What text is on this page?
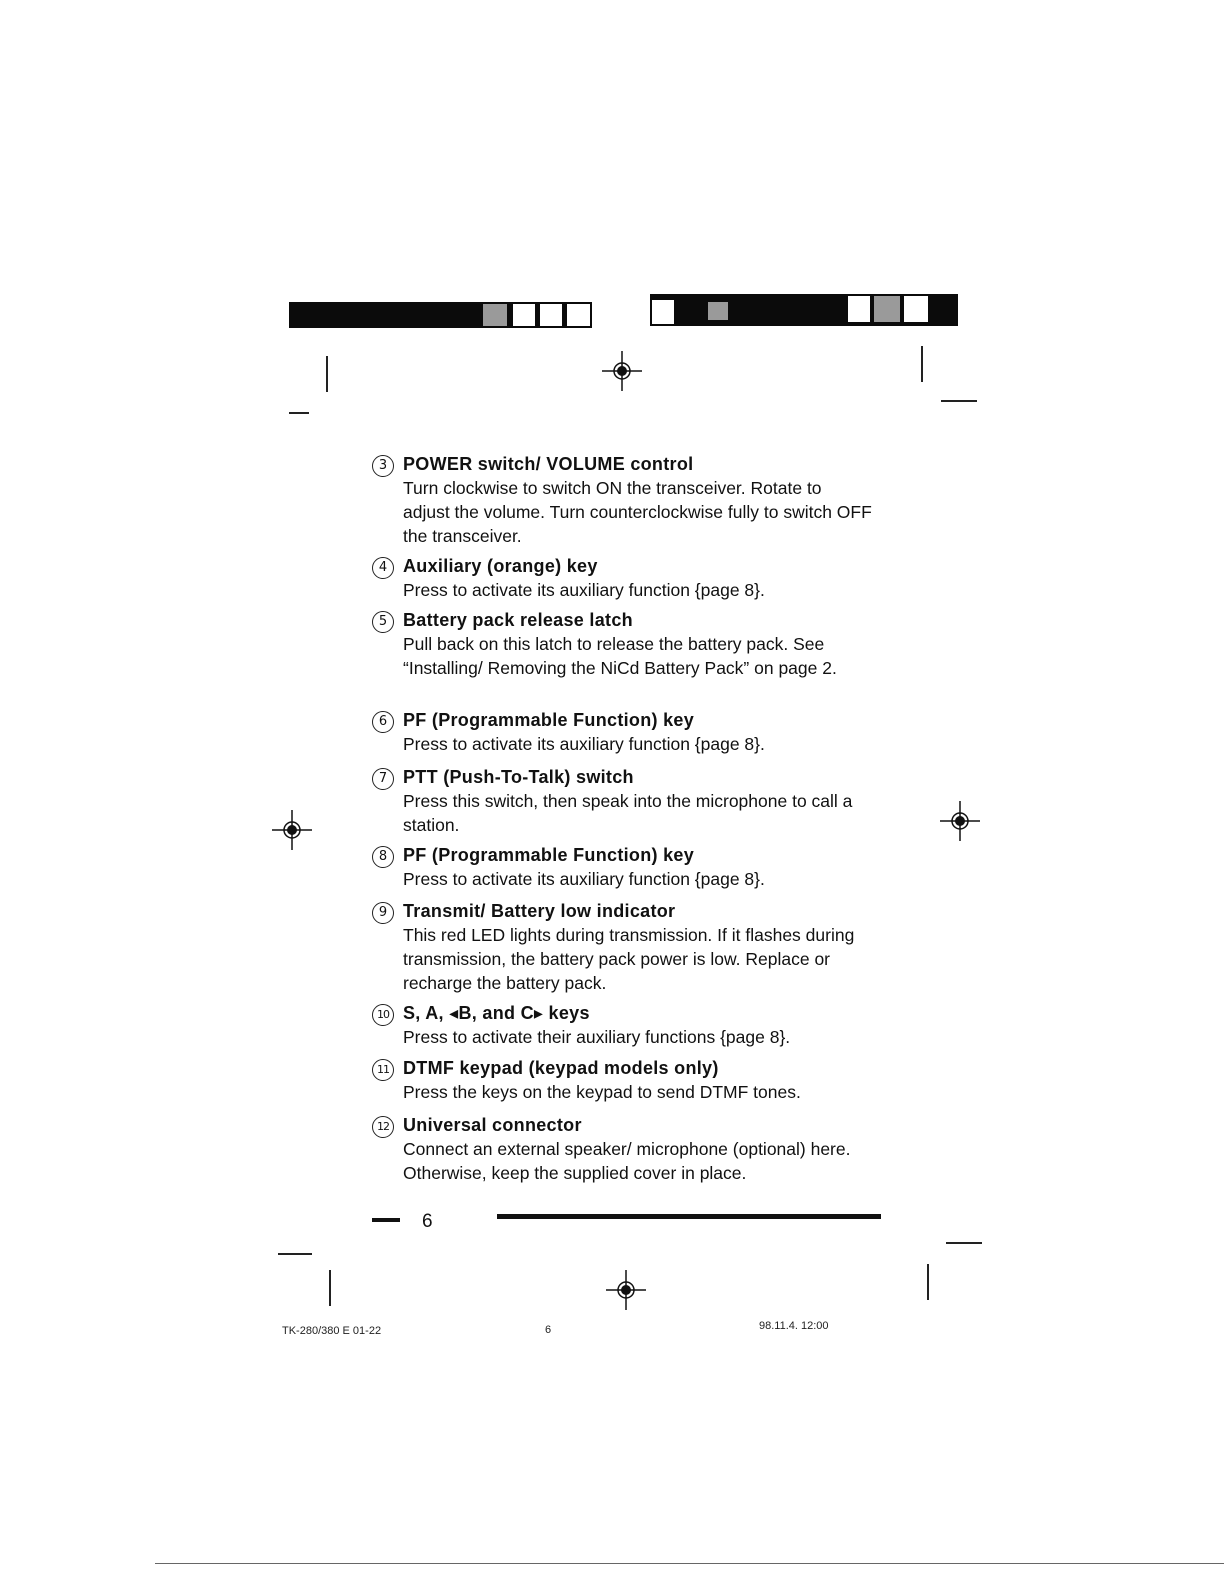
3 POWER switch/ VOLUME control
Turn clockwise to switch ON the transceiver. Rotate to adjust the volume. Turn counterclockwise fully to switch OFF the transceiver.
4 Auxiliary (orange) key
Press to activate its auxiliary function {page 8}.
5 Battery pack release latch
Pull back on this latch to release the battery pack. See “Installing/ Removing the NiCd Battery Pack” on page 2.
6 PF (Programmable Function) key
Press to activate its auxiliary function {page 8}.
7 PTT (Push-To-Talk) switch
Press this switch, then speak into the microphone to call a station.
8 PF (Programmable Function) key
Press to activate its auxiliary function {page 8}.
9 Transmit/ Battery low indicator
This red LED lights during transmission. If it flashes during transmission, the battery pack power is low. Replace or recharge the battery pack.
10 S, A, ◂B, and C▸ keys
Press to activate their auxiliary functions {page 8}.
11 DTMF keypad (keypad models only)
Press the keys on the keypad to send DTMF tones.
12 Universal connector
Connect an external speaker/ microphone (optional) here. Otherwise, keep the supplied cover in place.
6
TK-280/380 E 01-22	6	98.11.4. 12:00
